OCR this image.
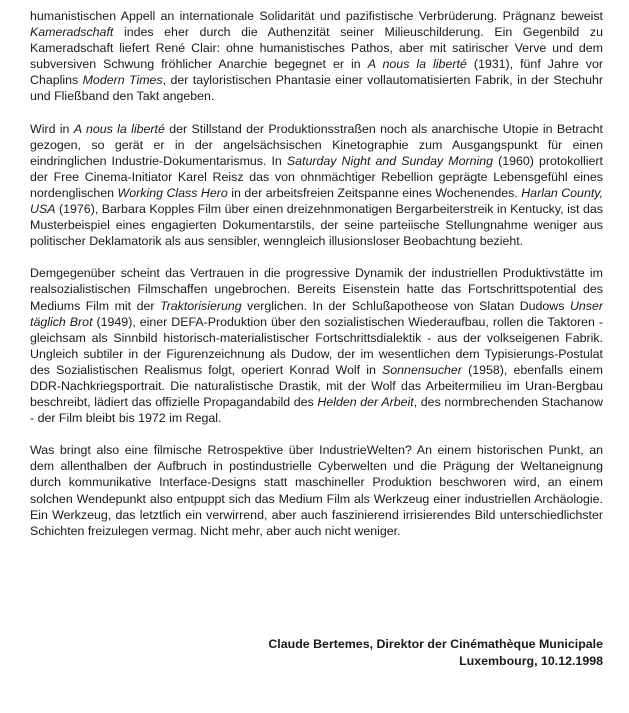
humanistischen Appell an internationale Solidarität und pazifistische Verbrüderung. Prägnanz beweist Kameradschaft indes eher durch die Authenzität seiner Milieuschilderung. Ein Gegenbild zu Kameradschaft liefert René Clair: ohne humanistisches Pathos, aber mit satirischer Verve und dem subversiven Schwung fröhlicher Anarchie begegnet er in A nous la liberté (1931), fünf Jahre vor Chaplins Modern Times, der tayloristischen Phantasie einer vollautomatisierten Fabrik, in der Stechuhr und Fließband den Takt angeben.

Wird in A nous la liberté der Stillstand der Produktionsstraßen noch als anarchische Utopie in Betracht gezogen, so gerät er in der angelsächsischen Kinetographie zum Ausgangspunkt für einen eindringlichen Industrie-Dokumentarismus. In Saturday Night and Sunday Morning (1960) protokolliert der Free Cinema-Initiator Karel Reisz das von ohnmächtiger Rebellion geprägte Lebensgefühl eines nordenglischen Working Class Hero in der arbeitsfreien Zeitspanne eines Wochenendes. Harlan County, USA (1976), Barbara Kopples Film über einen dreizehnmonatigen Bergarbeiterstreik in Kentucky, ist das Musterbeispiel eines engagierten Dokumentarstils, der seine parteiische Stellungnahme weniger aus politischer Deklamatorik als aus sensibler, wenngleich illusionsloser Beobachtung bezieht.

Demgegenüber scheint das Vertrauen in die progressive Dynamik der industriellen Produktivstätte im realsozialistischen Filmschaffen ungebrochen. Bereits Eisenstein hatte das Fortschrittspotential des Mediums Film mit der Traktorisierung verglichen. In der Schlußapotheose von Slatan Dudows Unser täglich Brot (1949), einer DEFA-Produktion über den sozialistischen Wiederaufbau, rollen die Taktoren - gleichsam als Sinnbild historisch-materialistischer Fortschrittsdialektik - aus der volkseigenen Fabrik. Ungleich subtiler in der Figurenzeichnung als Dudow, der im wesentlichen dem Typisierungs-Postulat des Sozialistischen Realismus folgt, operiert Konrad Wolf in Sonnensucher (1958), ebenfalls einem DDR-Nachkriegsportrait. Die naturalistische Drastik, mit der Wolf das Arbeitermilieu im Uran-Bergbau beschreibt, lädiert das offizielle Propagandabild des Helden der Arbeit, des normbrechenden Stachanow - der Film bleibt bis 1972 im Regal.

Was bringt also eine filmische Retrospektive über IndustrieWelten? An einem historischen Punkt, an dem allenthalben der Aufbruch in postindustrielle Cyberwelten und die Prägung der Weltaneignung durch kommunikative Interface-Designs statt maschineller Produktion beschworen wird, an einem solchen Wendepunkt also entpuppt sich das Medium Film als Werkzeug einer industriellen Archäologie. Ein Werkzeug, das letztlich ein verwirrend, aber auch faszinierend irrisierendes Bild unterschiedlichster Schichten freizulegen vermag. Nicht mehr, aber auch nicht weniger.

Claude Bertemes, Direktor der Cinémathèque Municipale
Luxembourg, 10.12.1998
